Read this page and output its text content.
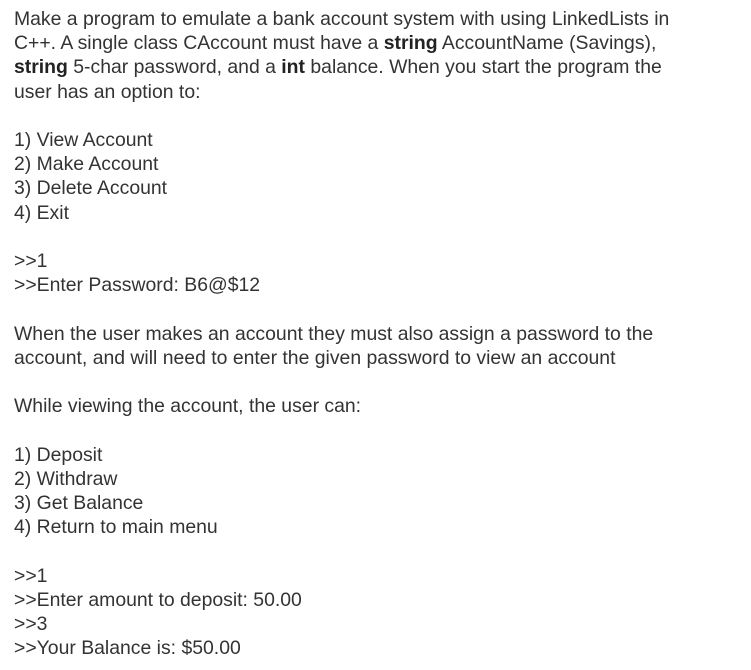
Make a program to emulate a bank account system with using LinkedLists in
C++. A single class CAccount must have a string AccountName (Savings),
string 5-char password, and a int balance. When you start the program the
user has an option to:
1) View Account
2) Make Account
3) Delete Account
4) Exit
>>1
>>Enter Password: B6@$12
When the user makes an account they must also assign a password to the
account, and will need to enter the given password to view an account
While viewing the account, the user can:
1) Deposit
2) Withdraw
3) Get Balance
4) Return to main menu
>>1
>>Enter amount to deposit: 50.00
>>3
>>Your Balance is: $50.00
